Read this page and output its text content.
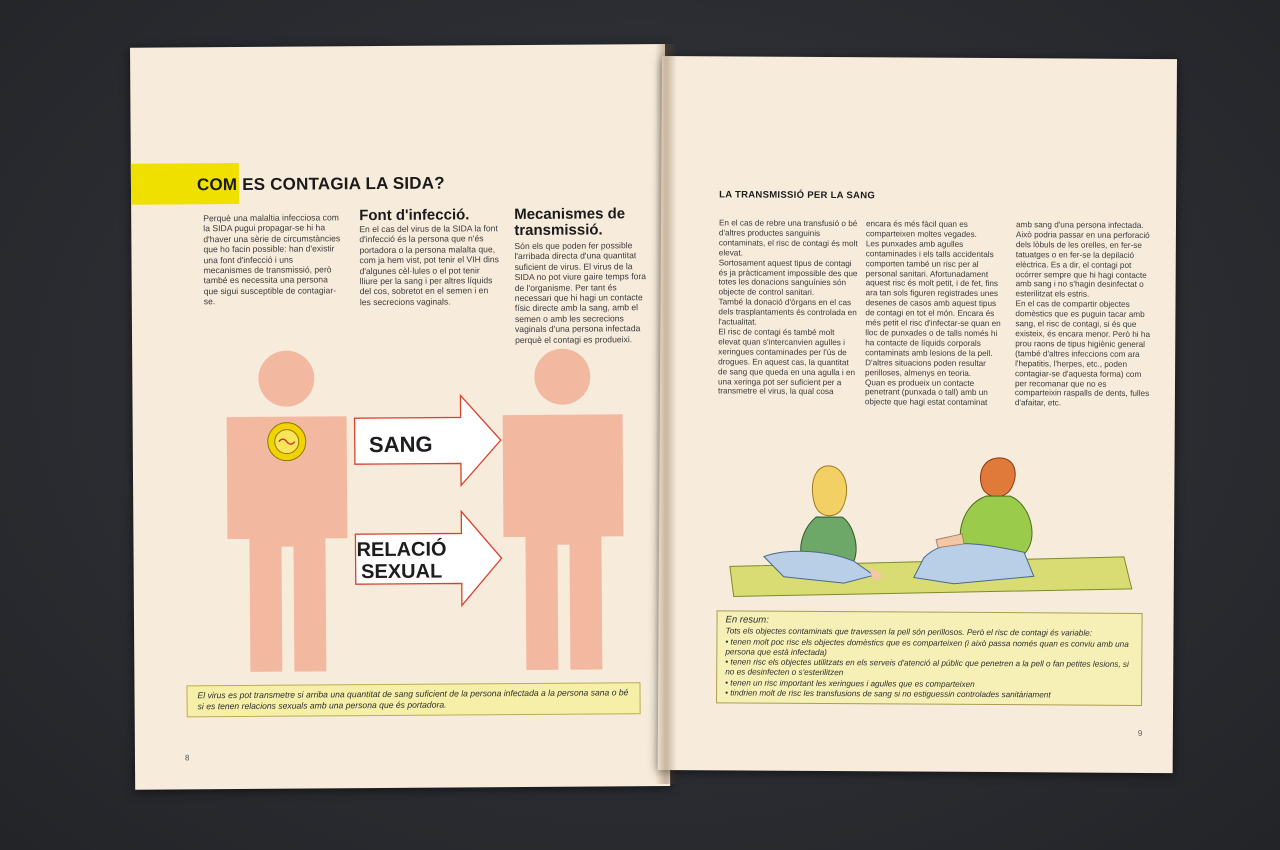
COM ES CONTAGIA LA SIDA?
Perquè una malaltia infecciosa com la SIDA pugui propagar-se hi ha d'haver una sèrie de circumstàncies que ho facin possible: han d'existir una font d'infecció i uns mecanismes de transmissió, però també es necessita una persona que sigui susceptible de contagiar-se.
Font d'infecció.
En el cas del virus de la SIDA la font d'infecció és la persona que n'és portadora o la persona malalta que, com ja hem vist, pot tenir el VIH dins d'algunes cèl·lules o el pot tenir lliure per la sang i per altres líquids del cos, sobretot en el semen i en les secrecions vaginals.
Mecanismes de transmissió.
Són els que poden fer possible l'arribada directa d'una quantitat suficient de virus. El virus de la SIDA no pot viure gaire temps fora de l'organisme. Per tant és necessari que hi hagi un contacte físic directe amb la sang, amb el semen o amb les secrecions vaginals d'una persona infectada perquè el contagi es produeixi.
SANG
RELACIÓ
SEXUAL
El virus es pot transmetre si arriba una quantitat de sang suficient de la persona infectada a la persona sana o bé si es tenen relacions sexuals amb una persona que és portadora.
8
LA TRANSMISSIÓ PER LA SANG
En el cas de rebre una transfusió o bé d'altres productes sanguinis contaminats, el risc de contagi és molt elevat.
Sortosament aquest tipus de contagi és ja pràcticament impossible des que totes les donacions sanguínies són objecte de control sanitari.
També la donació d'òrgans en el cas dels trasplantaments és controlada en l'actualitat.
El risc de contagi és també molt elevat quan s'intercanvien agulles i xeringues contaminades per l'ús de drogues. En aquest cas, la quantitat de sang que queda en una agulla i en una xeringa pot ser suficient per a transmetre el virus, la qual cosa
encara és més fàcil quan es comparteixen moltes vegades.
Les punxades amb agulles contaminades i els talls accidentals comporten també un risc per al personal sanitari. Afortunadament aquest risc és molt petit, i de fet, fins ara tan sols figuren registrades unes desenes de casos amb aquest tipus de contagi en tot el món. Encara és més petit el risc d'infectar-se quan en lloc de punxades o de talls només hi ha contacte de líquids corporals contaminats amb lesions de la pell.
D'altres situacions poden resultar perilloses, almenys en teoria.
Quan es produeix un contacte penetrant (punxada o tall) amb un objecte que hagi estat contaminat
amb sang d'una persona infectada. Això podria passar en una perforació dels lòbuls de les orelles, en fer-se tatuatges o en fer-se la depilació elèctrica. Es a dir, el contagi pot ocórrer sempre que hi hagi contacte amb sang i no s'hagin desinfectat o esterilitzat els estris.
En el cas de compartir objectes domèstics que es puguin tacar amb sang, el risc de contagi, si és que existeix, és encara menor. Però hi ha prou raons de tipus higiènic general (també d'altres infeccions com ara l'hepatitis, l'herpes, etc., poden contagiar-se d'aquesta forma) com per recomanar que no es comparteixin raspalls de dents, fulles d'afaitar, etc.
En resum:
Tots els objectes contaminats que travessen la pell són perillosos. Però el risc de contagi és variable:
• tenen molt poc risc els objectes domèstics que es comparteixen (i això passa només quan es conviu amb una persona que està infectada)
• tenen risc els objectes utilitzats en els serveis d'atenció al públic que penetren a la pell o fan petites lesions, si no es desinfecten o s'esterilitzen
• tenen un risc important les xeringues i agulles que es comparteixen
• tindrien molt de risc les transfusions de sang si no estiguessin controlades sanitàriament
9
